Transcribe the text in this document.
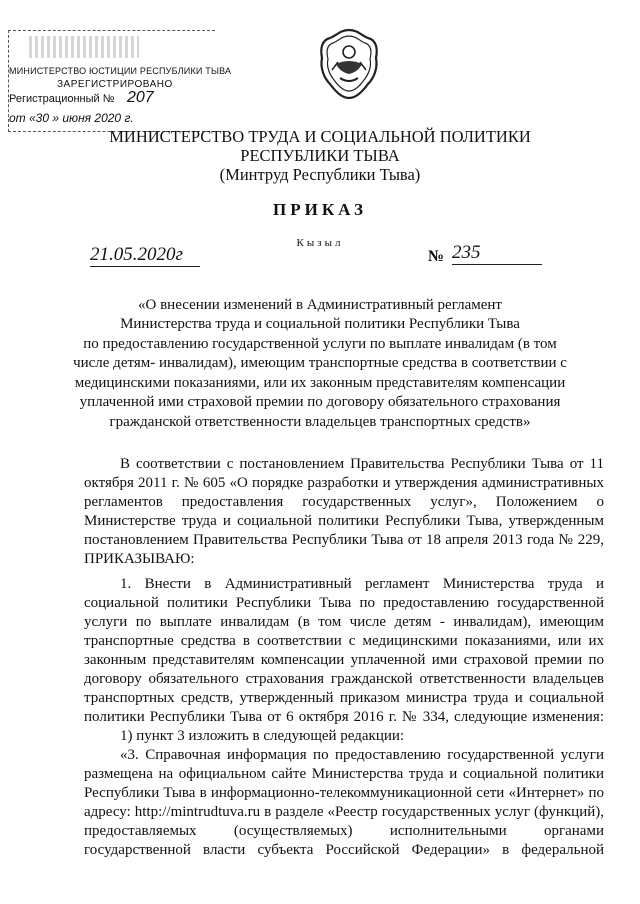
МИНИСТЕРСТВО ЮСТИЦИИ РЕСПУБЛИКИ ТЫВА
ЗАРЕГИСТРИРОВАНО
Регистрационный № 207
от «30 » июня 2020 г.
МИНИСТЕРСТВО ТРУДА И СОЦИАЛЬНОЙ ПОЛИТИКИ
РЕСПУБЛИКИ ТЫВА
(Минтруд Республики Тыва)
ПРИКАЗ
Кызыл
21.05.2020г	№ 235
«О внесении изменений в Административный регламент
Министерства труда и социальной политики Республики Тыва
по предоставлению государственной услуги по выплате инвалидам (в том
числе детям- инвалидам), имеющим транспортные средства в соответствии с
медицинскими показаниями, или их законным представителям компенсации
уплаченной ими страховой премии по договору обязательного страхования
гражданской ответственности владельцев транспортных средств»
В соответствии с постановлением Правительства Республики Тыва от 11
октября 2011 г. № 605 «О порядке разработки и утверждения административных
регламентов предоставления государственных услуг», Положением о
Министерстве труда и социальной политики Республики Тыва, утвержденным
постановлением Правительства Республики Тыва от 18 апреля 2013 года № 229,
ПРИКАЗЫВАЮ:
1. Внести в Административный регламент Министерства труда и
социальной политики Республики Тыва по предоставлению государственной
услуги по выплате инвалидам (в том числе детям - инвалидам), имеющим
транспортные средства в соответствии с медицинскими показаниями, или их
законным представителям компенсации уплаченной ими страховой премии по
договору обязательного страхования гражданской ответственности владельцев
транспортных средств, утвержденный приказом министра труда и социальной
политики Республики Тыва от 6 октября 2016 г. № 334, следующие изменения:
1) пункт 3 изложить в следующей редакции:
«3. Справочная информация по предоставлению государственной услуги
размещена на официальном сайте Министерства труда и социальной политики
Республики Тыва в информационно-телекоммуникационной сети «Интернет» по
адресу: http://mintrudtuva.ru в разделе «Реестр государственных услуг (функций),
предоставляемых (осуществляемых) исполнительными органами
государственной власти субъекта Российской Федерации» в федеральной
